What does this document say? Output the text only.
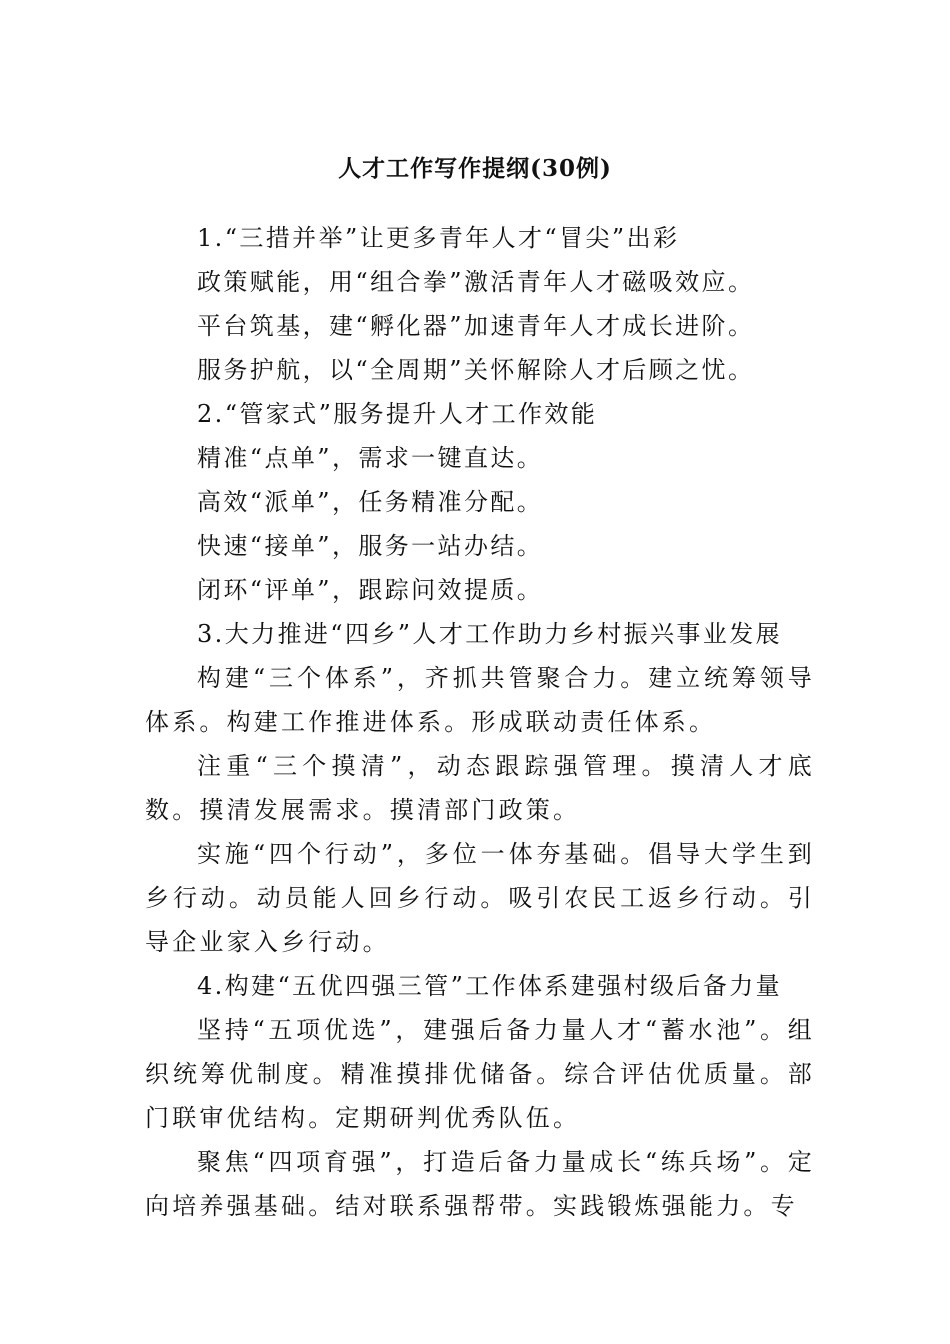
人才工作写作提纲(30例)
1.“三措并举”让更多青年人才“冒尖”出彩
政策赋能，用“组合拳”激活青年人才磁吸效应。
平台筑基，建“孵化器”加速青年人才成长进阶。
服务护航，以“全周期”关怀解除人才后顾之忧。
2.“管家式”服务提升人才工作效能
精准“点单”，需求一键直达。
高效“派单”，任务精准分配。
快速“接单”，服务一站办结。
闭环“评单”，跟踪问效提质。
3.大力推进“四乡”人才工作助力乡村振兴事业发展
构建“三个体系”，齐抓共管聚合力。建立统筹领导体系。构建工作推进体系。形成联动责任体系。
注重“三个摸清”，动态跟踪强管理。摸清人才底数。摸清发展需求。摸清部门政策。
实施“四个行动”，多位一体夯基础。倡导大学生到乡行动。动员能人回乡行动。吸引农民工返乡行动。引导企业家入乡行动。
4.构建“五优四强三管”工作体系建强村级后备力量
坚持“五项优选”，建强后备力量人才“蓄水池”。组织统筹优制度。精准摸排优储备。综合评估优质量。部门联审优结构。定期研判优秀队伍。
聚焦“四项育强”，打造后备力量成长“练兵场”。定向培养强基础。结对联系强帮带。实践锻炼强能力。专
